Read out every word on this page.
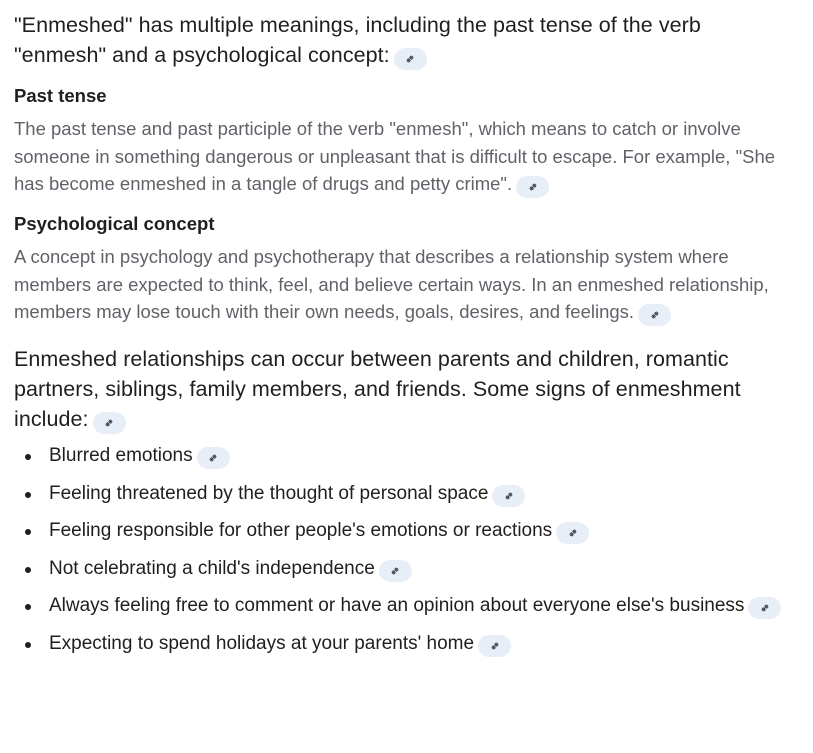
"Enmeshed" has multiple meanings, including the past tense of the verb "enmesh" and a psychological concept:

Past tense

The past tense and past participle of the verb "enmesh", which means to catch or involve someone in something dangerous or unpleasant that is difficult to escape. For example, "She has become enmeshed in a tangle of drugs and petty crime".

Psychological concept

A concept in psychology and psychotherapy that describes a relationship system where members are expected to think, feel, and believe certain ways. In an enmeshed relationship, members may lose touch with their own needs, goals, desires, and feelings.

Enmeshed relationships can occur between parents and children, romantic partners, siblings, family members, and friends. Some signs of enmeshment include:

Blurred emotions
Feeling threatened by the thought of personal space
Feeling responsible for other people's emotions or reactions
Not celebrating a child's independence
Always feeling free to comment or have an opinion about everyone else's business
Expecting to spend holidays at your parents' home
